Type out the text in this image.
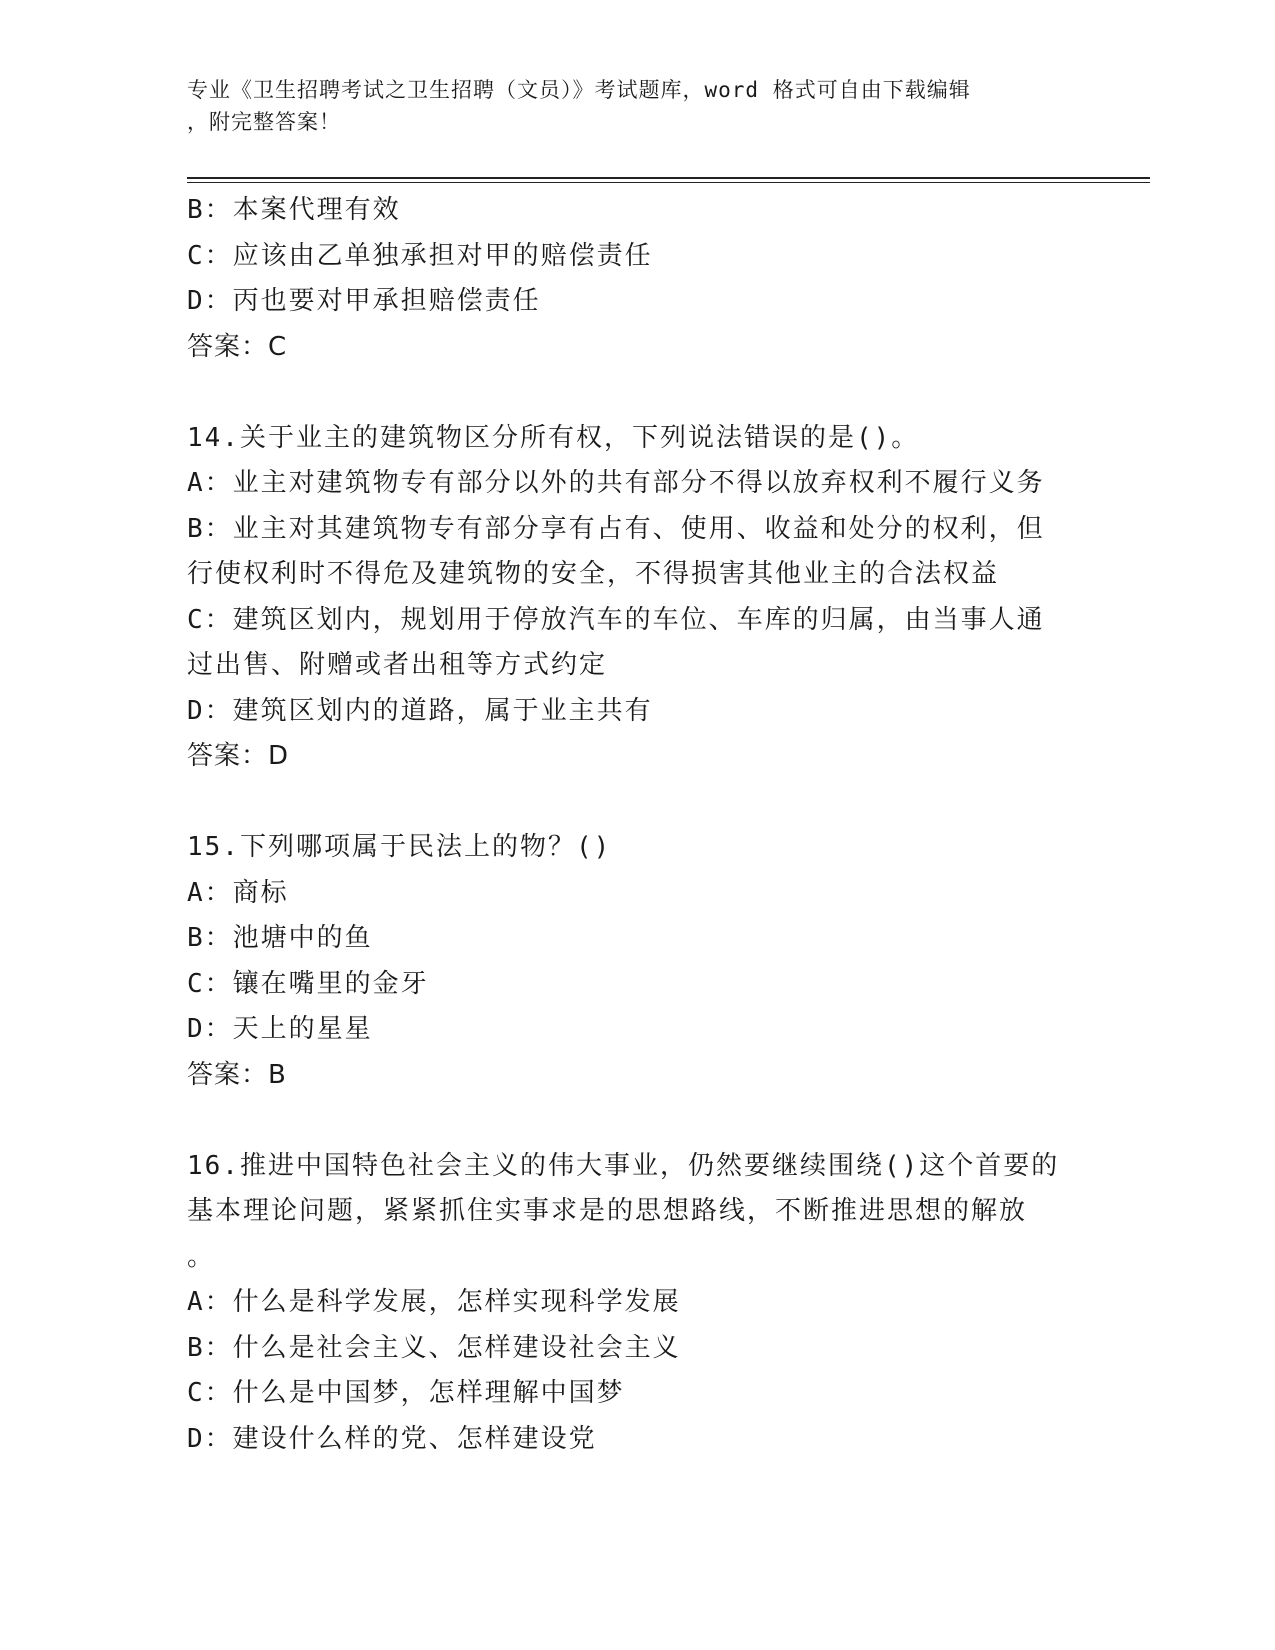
专业《卫生招聘考试之卫生招聘（文员）》考试题库，word 格式可自由下载编辑
，附完整答案！
B：本案代理有效
C：应该由乙单独承担对甲的赔偿责任
D：丙也要对甲承担赔偿责任
答案：C
14.关于业主的建筑物区分所有权，下列说法错误的是()。
A：业主对建筑物专有部分以外的共有部分不得以放弃权利不履行义务
B：业主对其建筑物专有部分享有占有、使用、收益和处分的权利，但
行使权利时不得危及建筑物的安全，不得损害其他业主的合法权益
C：建筑区划内，规划用于停放汽车的车位、车库的归属，由当事人通
过出售、附赠或者出租等方式约定
D：建筑区划内的道路，属于业主共有
答案：D
15.下列哪项属于民法上的物？()
A：商标
B：池塘中的鱼
C：镶在嘴里的金牙
D：天上的星星
答案：B
16.推进中国特色社会主义的伟大事业，仍然要继续围绕()这个首要的
基本理论问题，紧紧抓住实事求是的思想路线，不断推进思想的解放
。
A：什么是科学发展，怎样实现科学发展
B：什么是社会主义、怎样建设社会主义
C：什么是中国梦，怎样理解中国梦
D：建设什么样的党、怎样建设党
